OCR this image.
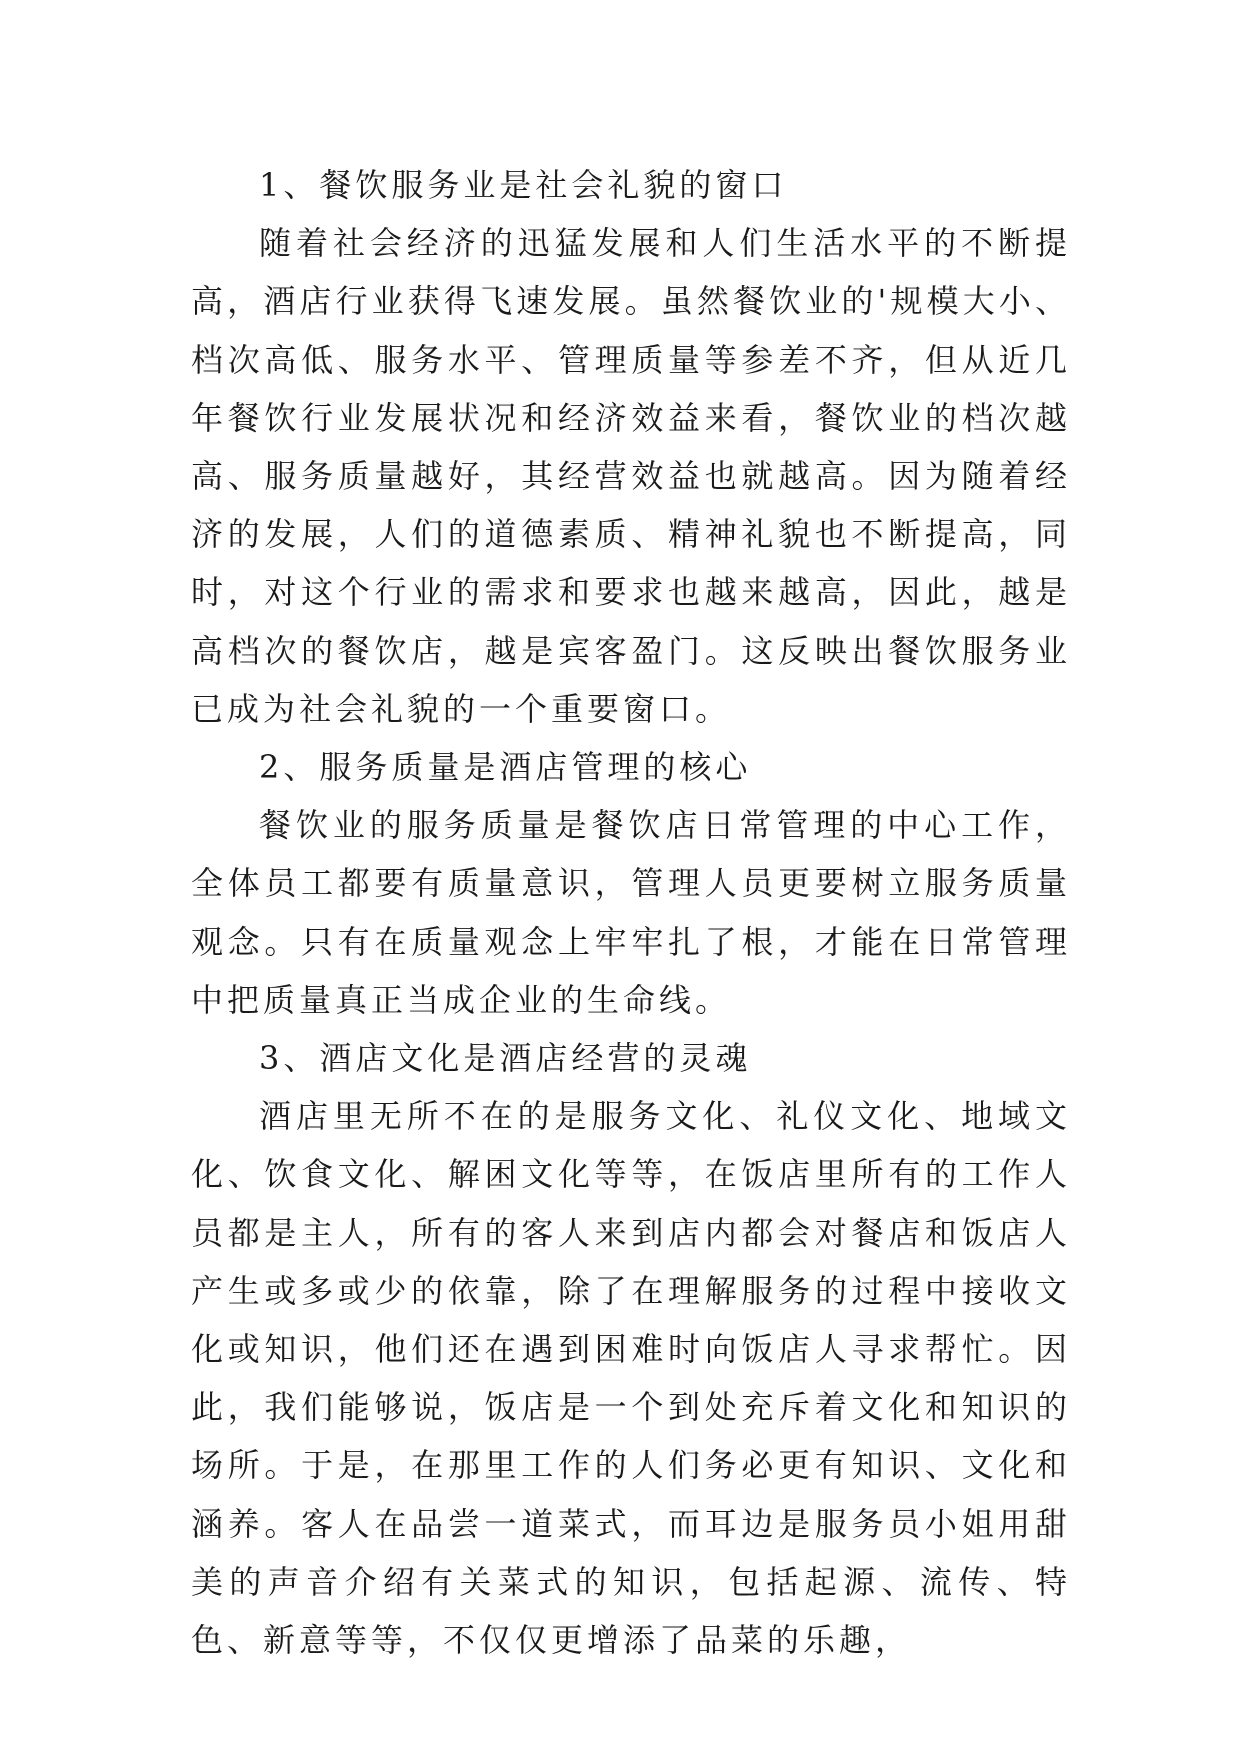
1、餐饮服务业是社会礼貌的窗口

随着社会经济的迅猛发展和人们生活水平的不断提高，酒店行业获得飞速发展。虽然餐饮业的'规模大小、档次高低、服务水平、管理质量等参差不齐，但从近几年餐饮行业发展状况和经济效益来看，餐饮业的档次越高、服务质量越好，其经营效益也就越高。因为随着经济的发展，人们的道德素质、精神礼貌也不断提高，同时，对这个行业的需求和要求也越来越高，因此，越是高档次的餐饮店，越是宾客盈门。这反映出餐饮服务业已成为社会礼貌的一个重要窗口。

2、服务质量是酒店管理的核心

餐饮业的服务质量是餐饮店日常管理的中心工作，全体员工都要有质量意识，管理人员更要树立服务质量观念。只有在质量观念上牢牢扎了根，才能在日常管理中把质量真正当成企业的生命线。

3、酒店文化是酒店经营的灵魂

酒店里无所不在的是服务文化、礼仪文化、地域文化、饮食文化、解困文化等等，在饭店里所有的工作人员都是主人，所有的客人来到店内都会对餐店和饭店人产生或多或少的依靠，除了在理解服务的过程中接收文化或知识，他们还在遇到困难时向饭店人寻求帮忙。因此，我们能够说，饭店是一个到处充斥着文化和知识的场所。于是，在那里工作的人们务必更有知识、文化和涵养。客人在品尝一道菜式，而耳边是服务员小姐用甜美的声音介绍有关菜式的知识，包括起源、流传、特色、新意等等，不仅仅更增添了品菜的乐趣，
